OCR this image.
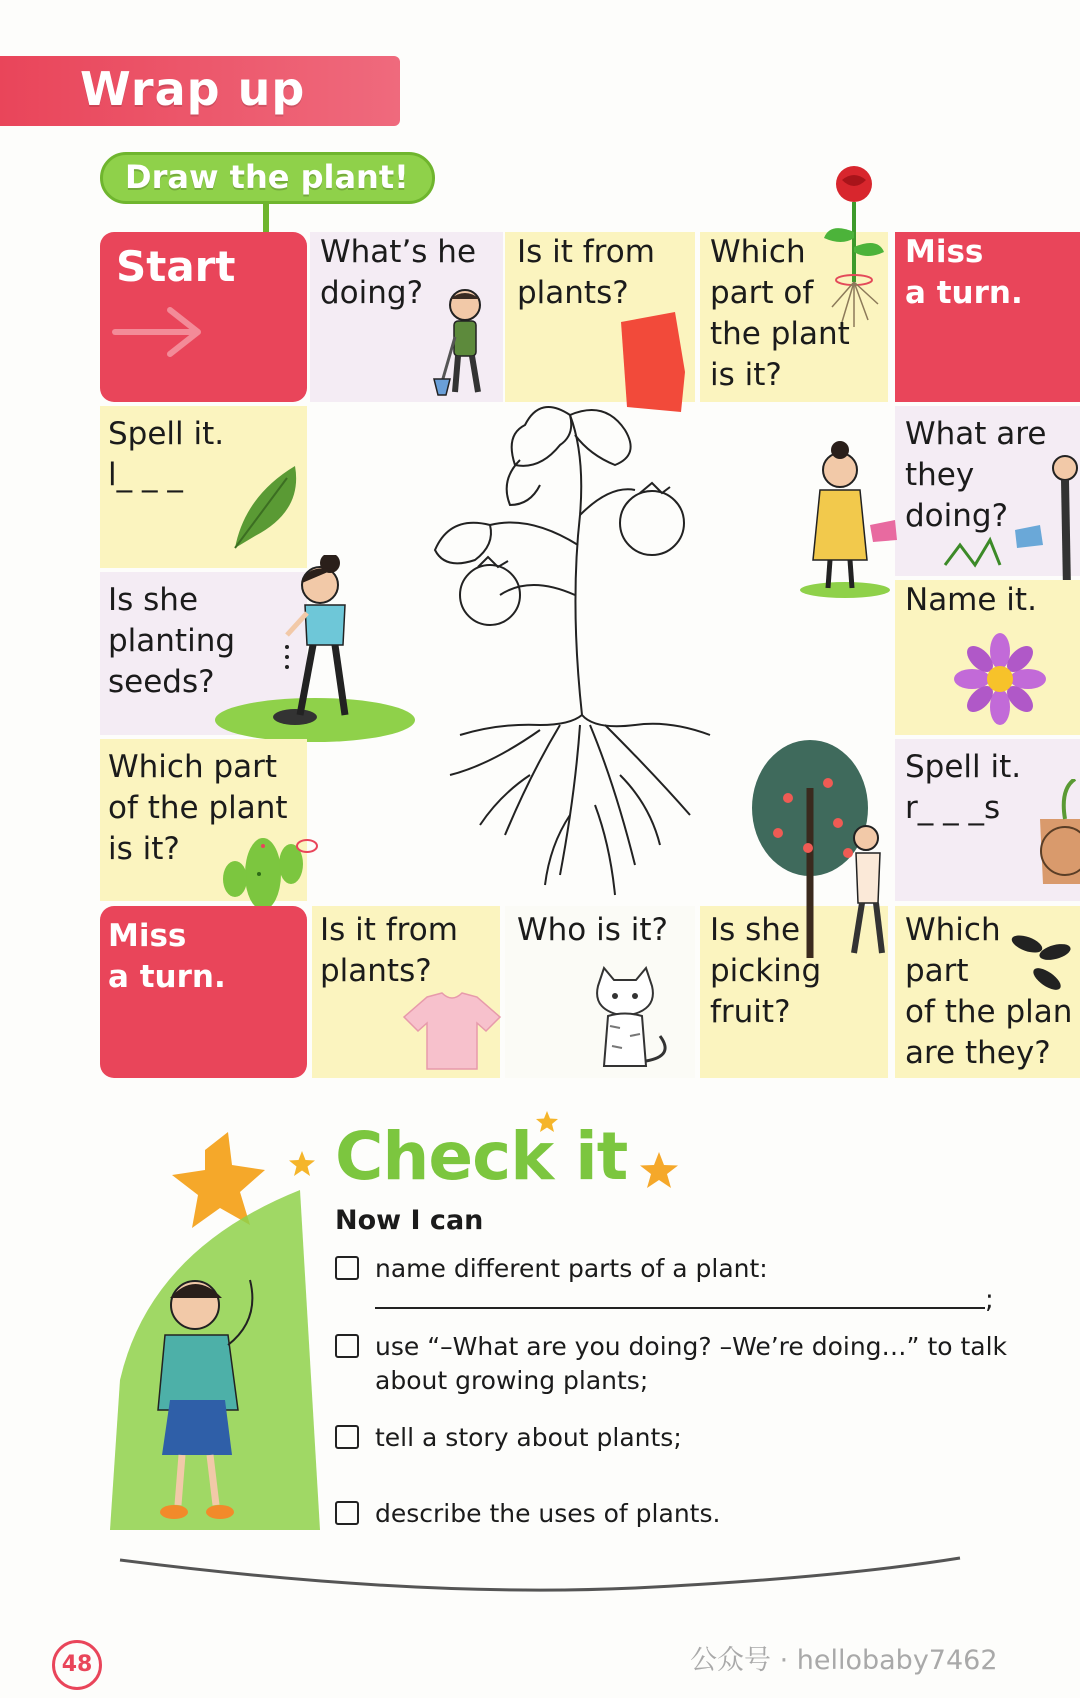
Wrap up
Draw the plant!
Start	What’s he
doing?
Is it from
plants?
Which
part of
the plant
is it?
Miss
a turn.
Spell it.
l_ _ _
Is she
planting
seeds?
Which part
of the plant
is it?
What are
they
doing?
Name it.
Spell it.
r_ _ _s
Miss
a turn.
Is it from
plants?
Who is it? Is she
picking
fruit?
Which
part
of the plan
are they?
Check it
Now I can
name different parts of a plant:
;
use “–What are you doing? –We’re doing…” to talk
about growing plants;
tell a story about plants;
describe the uses of plants.
48	公众号 · hellobaby7462
